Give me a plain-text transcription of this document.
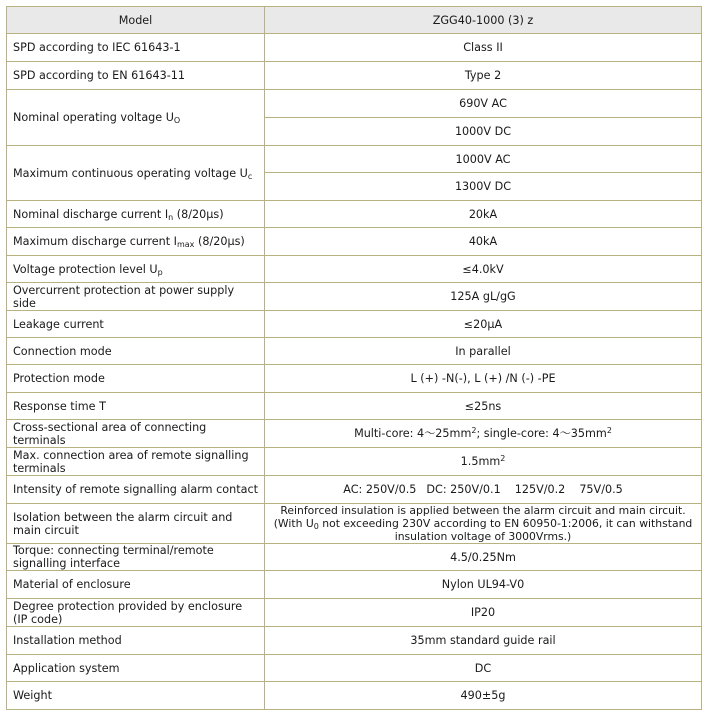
Model	ZGG40-1000 (3) z
SPD according to IEC 61643-1	Class II
SPD according to EN 61643-11	Type 2
Nominal operating voltage $U_O$	690V AC
	1000V DC
Maximum continuous operating voltage $U_c$	1000V AC
	1300V DC
Nominal discharge current $I_n$ (8/20μs)	20kA
Maximum discharge current $I_{max}$ (8/20μs)	40kA
Voltage protection level $U_p$	≤4.0kV
Overcurrent protection at power supply side	125A gL/gG
Leakage current	≤20μA
Connection mode	In parallel
Protection mode	L (+) -N(-), L (+) /N (-) -PE
Response time T	≤25ns
Cross-sectional area of connecting terminals	Multi-core: $4\sim 25mm^2$; single-core: $4\sim 35mm^2$
Max. connection area of remote signalling terminals	$1.5mm^2$
Intensity of remote signalling alarm contact	AC: 250V/0.5 DC: 250V/0.1 125V/0.2 75V/0.5
Isolation between the alarm circuit and main circuit	Reinforced insulation is applied between the alarm circuit and main circuit.
(With $U_0$ not exceeding 230V according to EN 60950-1:2006, it can withstand
insulation voltage of 3000Vrms.)
Torque: connecting terminal/remote signalling interface	4.5/0.25Nm
Material of enclosure	Nylon UL94-V0
Degree protection provided by enclosure (IP code)	IP20
Installation method	35mm standard guide rail
Application system	DC
Weight	490±5g
